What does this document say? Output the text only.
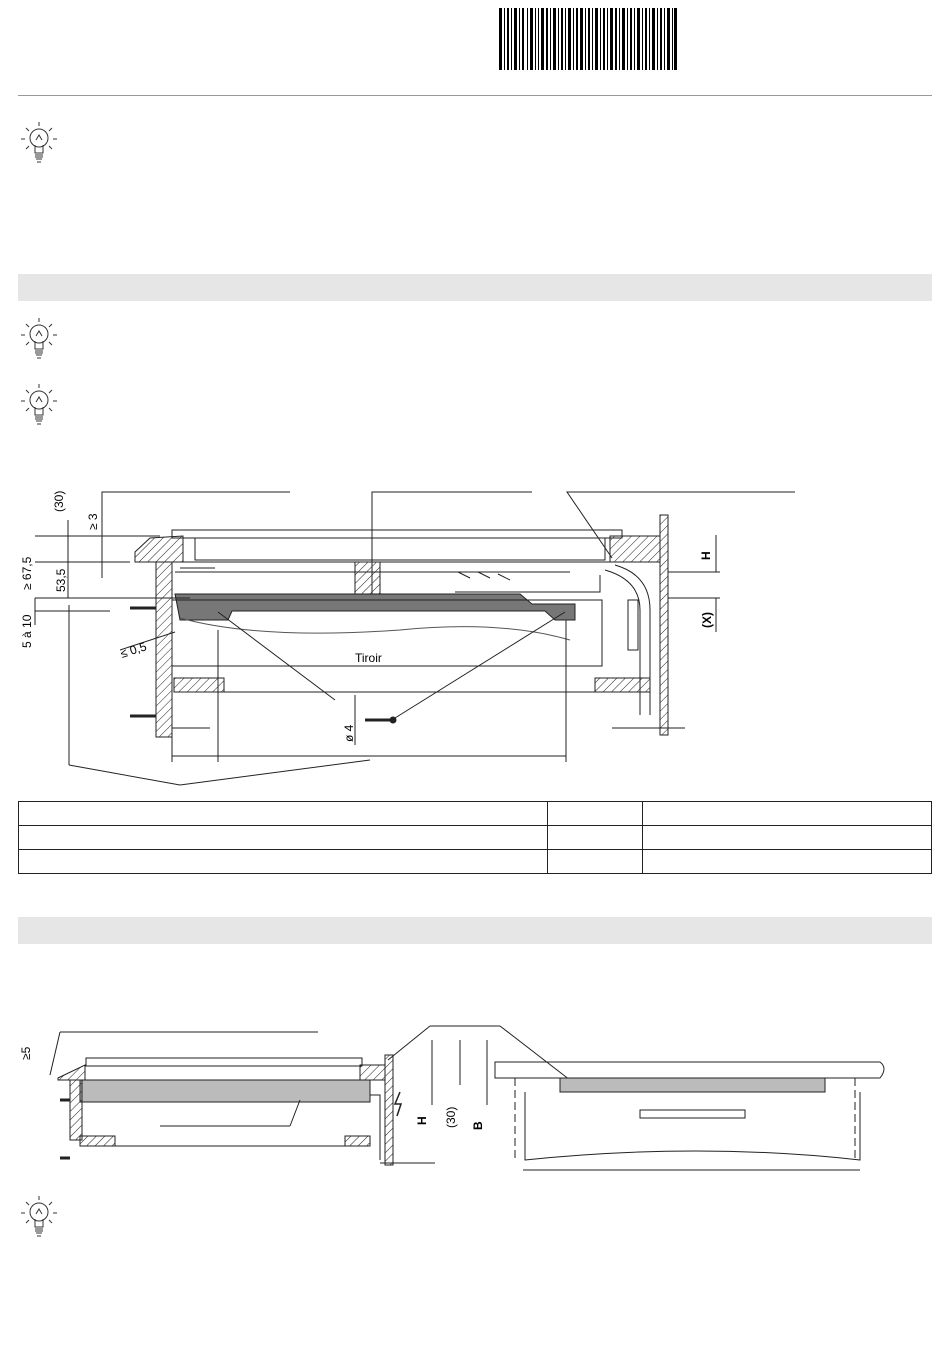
(30)
≥ 3
≥ 67,5 53,5
5 à 10
≤ 0,5	Tiroir
ø 4
H
(X)

≥5
H (30) B
